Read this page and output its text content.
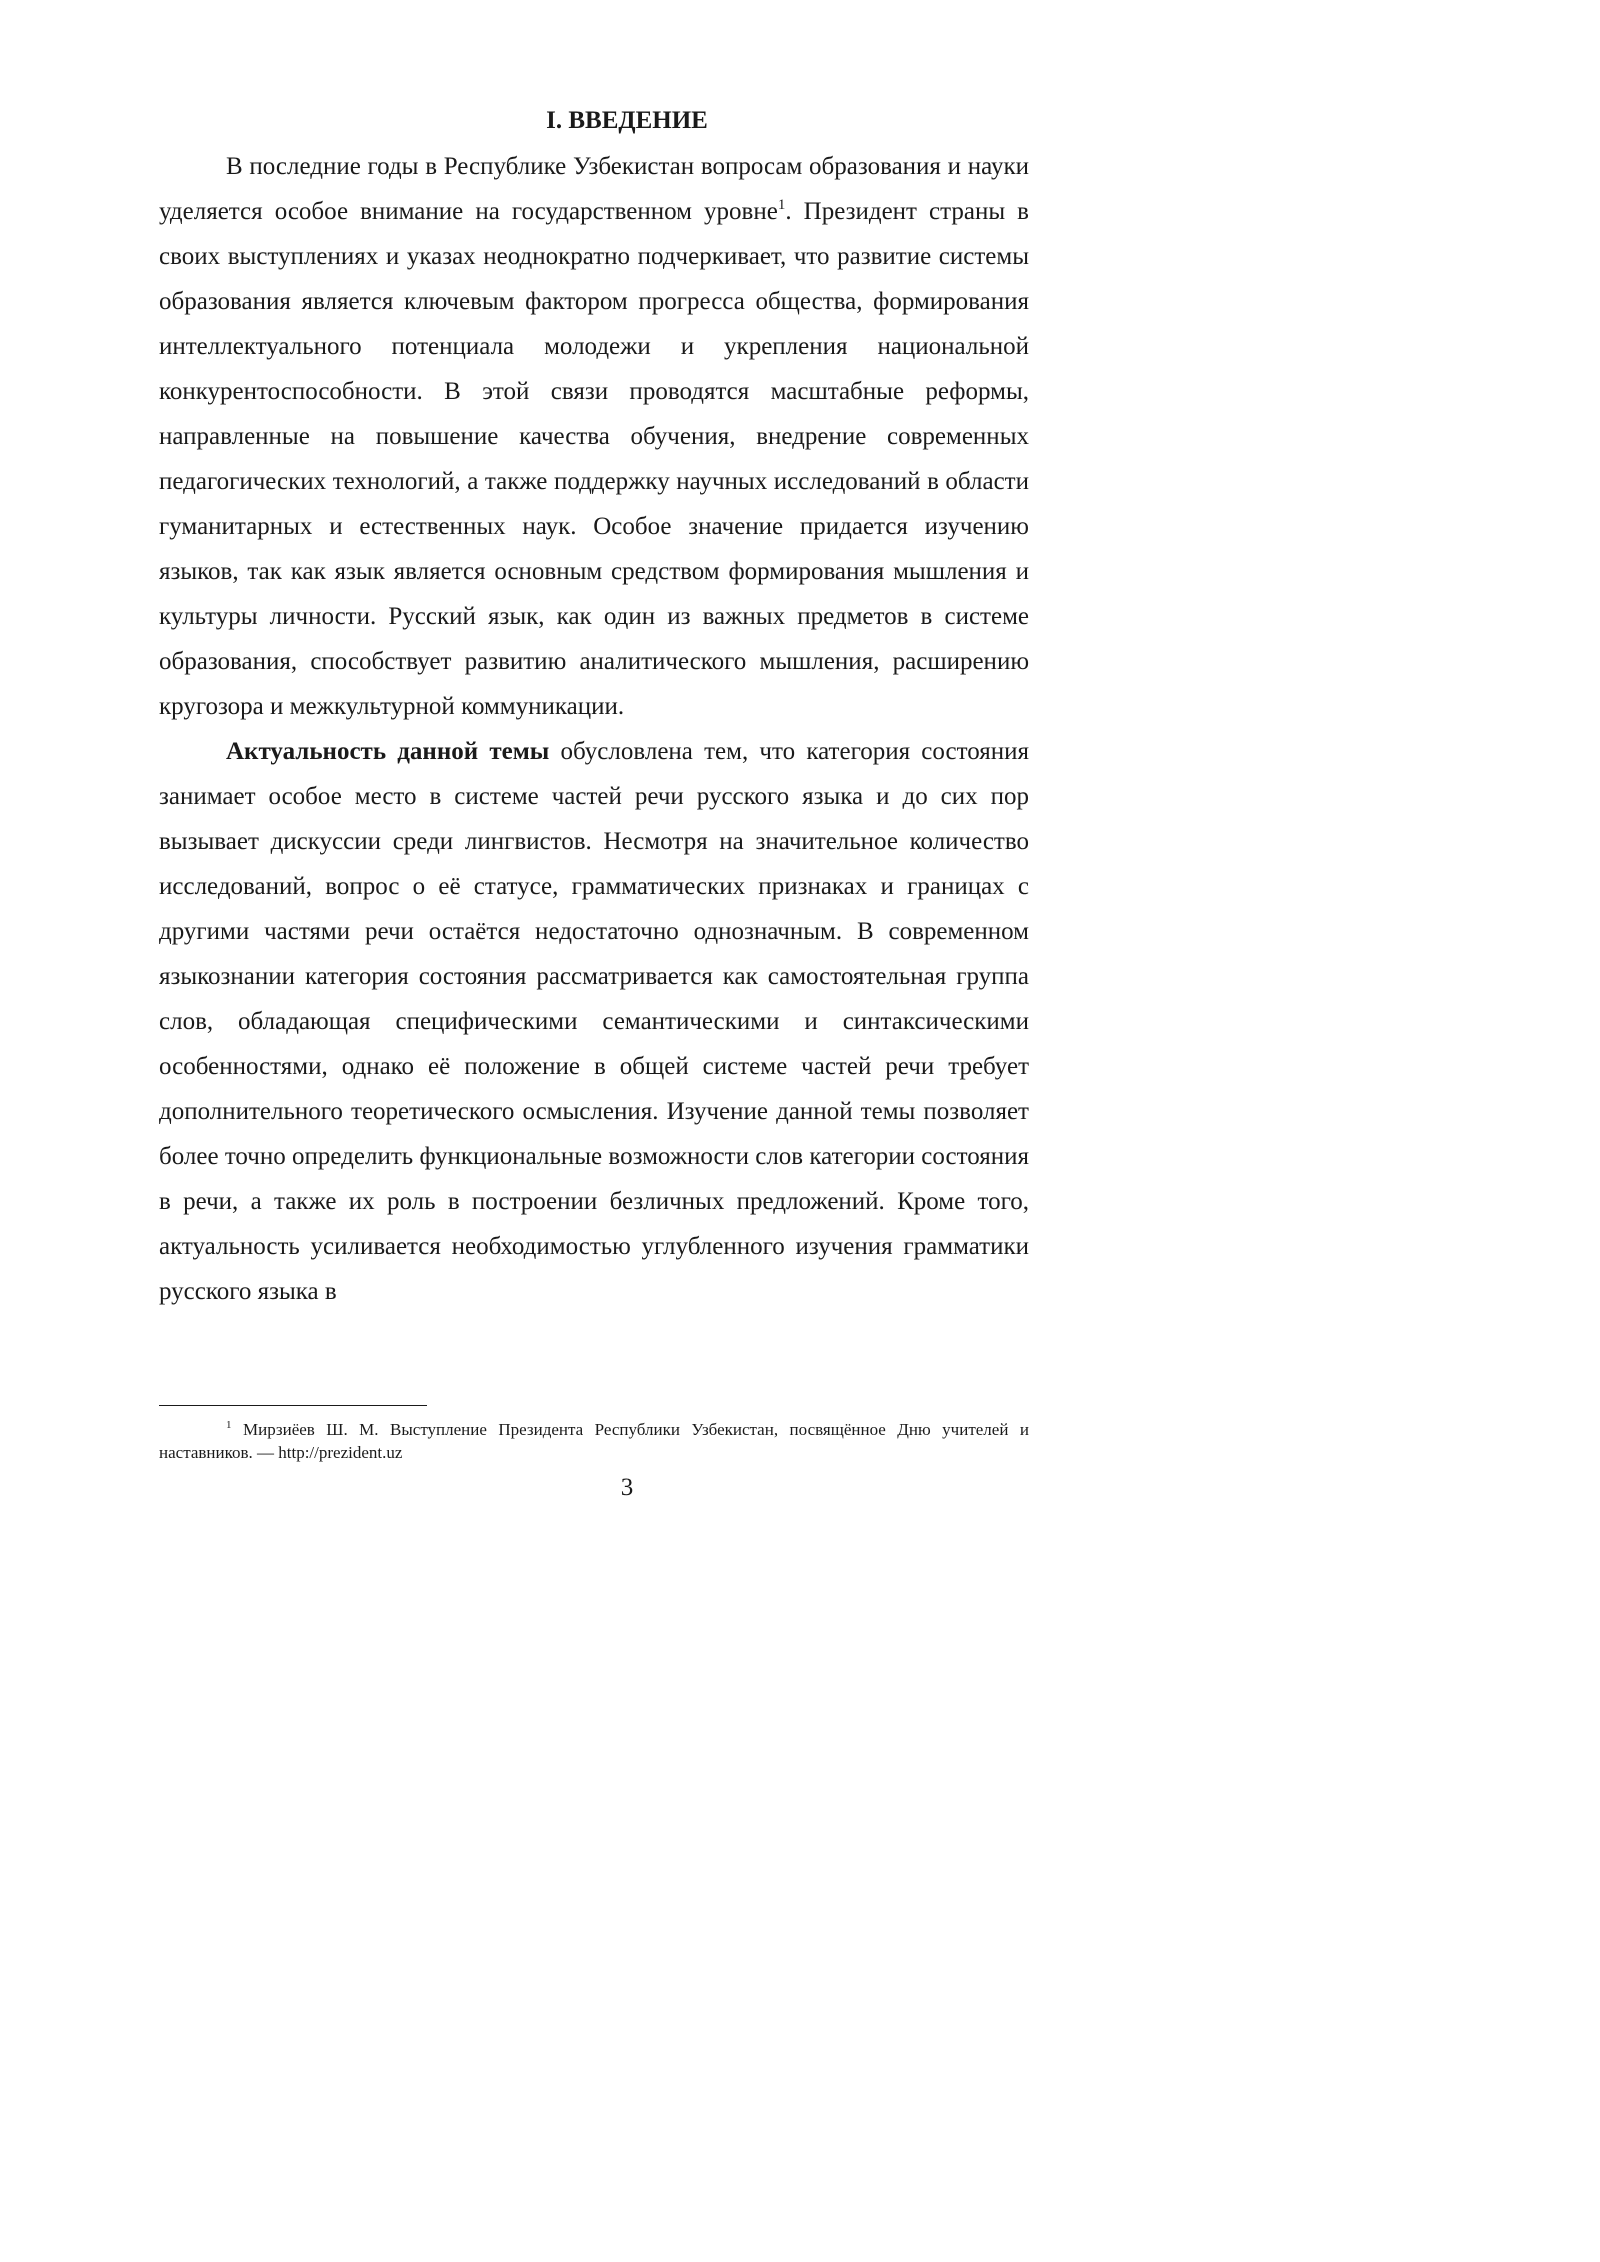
I. ВВЕДЕНИЕ

В последние годы в Республике Узбекистан вопросам образования и науки уделяется особое внимание на государственном уровне$^1$. Президент страны в своих выступлениях и указах неоднократно подчеркивает, что развитие системы образования является ключевым фактором прогресса общества, формирования интеллектуального потенциала молодежи и укрепления национальной конкурентоспособности. В этой связи проводятся масштабные реформы, направленные на повышение качества обучения, внедрение современных педагогических технологий, а также поддержку научных исследований в области гуманитарных и естественных наук. Особое значение придается изучению языков, так как язык является основным средством формирования мышления и культуры личности. Русский язык, как один из важных предметов в системе образования, способствует развитию аналитического мышления, расширению кругозора и межкультурной коммуникации.

Актуальность данной темы обусловлена тем, что категория состояния занимает особое место в системе частей речи русского языка и до сих пор вызывает дискуссии среди лингвистов. Несмотря на значительное количество исследований, вопрос о её статусе, грамматических признаках и границах с другими частями речи остаётся недостаточно однозначным. В современном языкознании категория состояния рассматривается как самостоятельная группа слов, обладающая специфическими семантическими и синтаксическими особенностями, однако её положение в общей системе частей речи требует дополнительного теоретического осмысления. Изучение данной темы позволяет более точно определить функциональные возможности слов категории состояния в речи, а также их роль в построении безличных предложений. Кроме того, актуальность усиливается необходимостью углубленного изучения грамматики русского языка в

$^1$ Мирзиёев Ш. М. Выступление Президента Республики Узбекистан, посвящённое Дню учителей и наставников. — http://prezident.uz

3
